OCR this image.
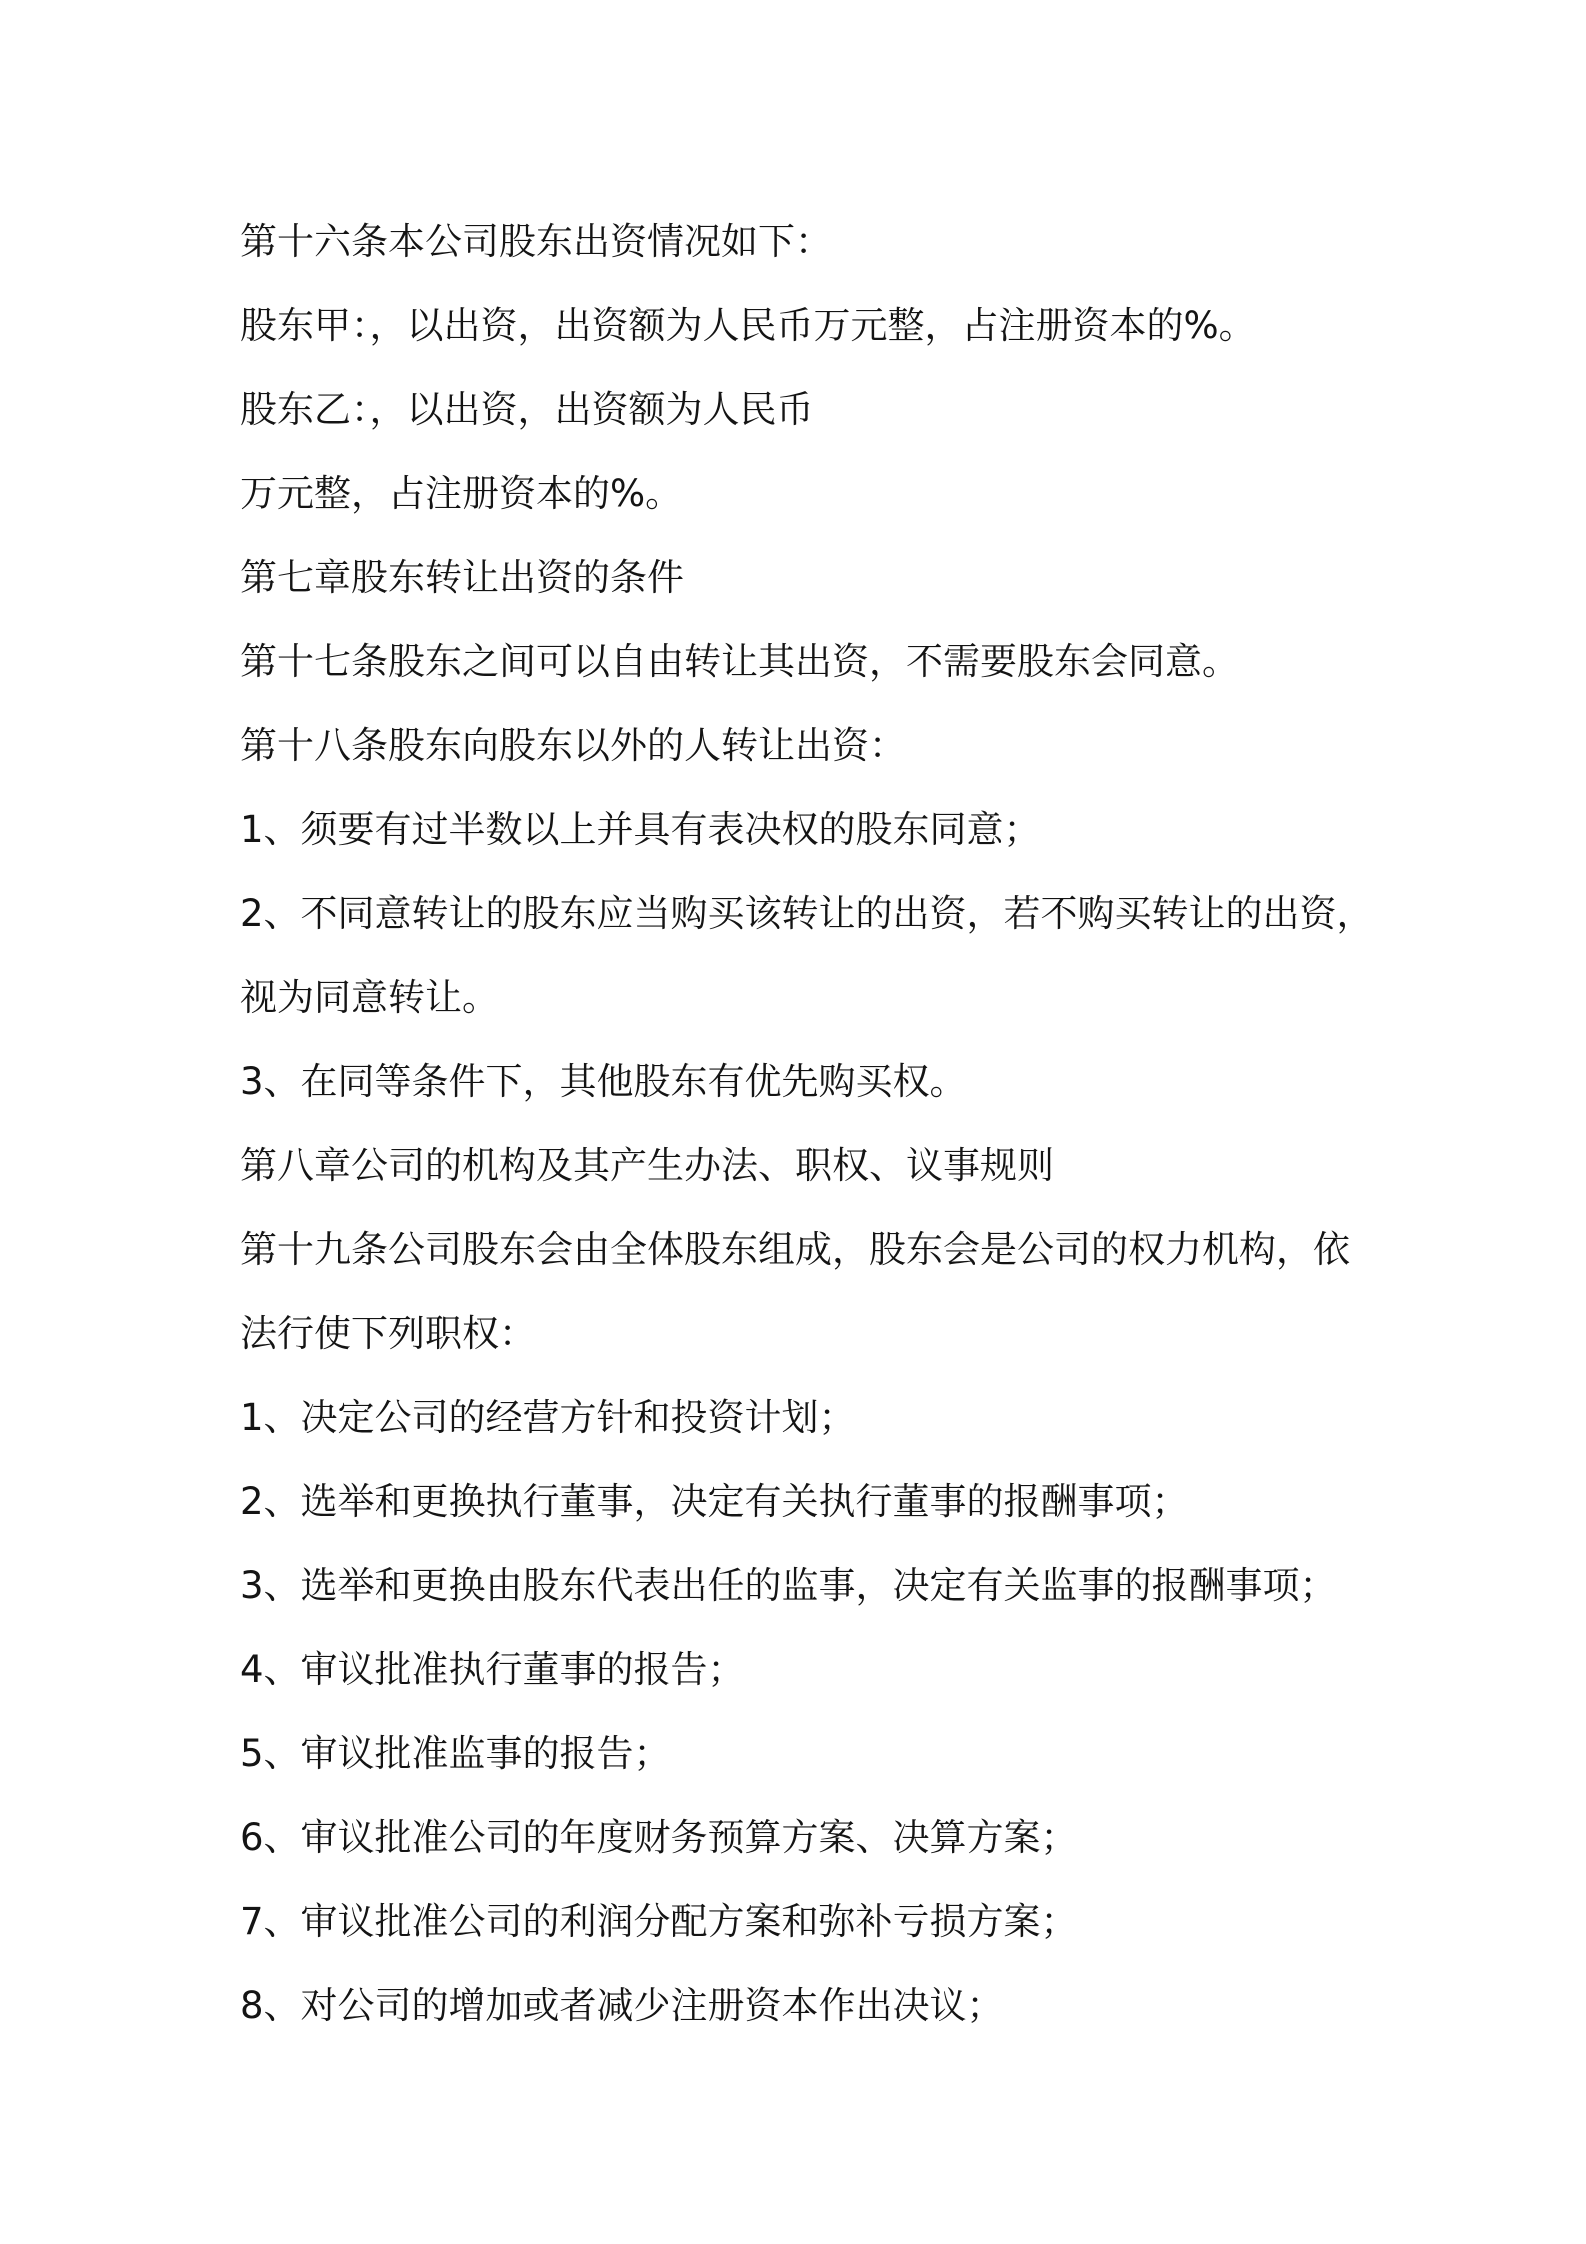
第十六条本公司股东出资情况如下：
股东甲：，以出资，出资额为人民币万元整，占注册资本的%。
股东乙：，以出资，出资额为人民币
万元整，占注册资本的%。
第七章股东转让出资的条件
第十七条股东之间可以自由转让其出资，不需要股东会同意。
第十八条股东向股东以外的人转让出资：
1、须要有过半数以上并具有表决权的股东同意；
2、不同意转让的股东应当购买该转让的出资，若不购买转让的出资，
视为同意转让。
3、在同等条件下，其他股东有优先购买权。
第八章公司的机构及其产生办法、职权、议事规则
第十九条公司股东会由全体股东组成，股东会是公司的权力机构，依
法行使下列职权：
1、决定公司的经营方针和投资计划；
2、选举和更换执行董事，决定有关执行董事的报酬事项；
3、选举和更换由股东代表出任的监事，决定有关监事的报酬事项；
4、审议批准执行董事的报告；
5、审议批准监事的报告；
6、审议批准公司的年度财务预算方案、决算方案；
7、审议批准公司的利润分配方案和弥补亏损方案；
8、对公司的增加或者减少注册资本作出决议；
